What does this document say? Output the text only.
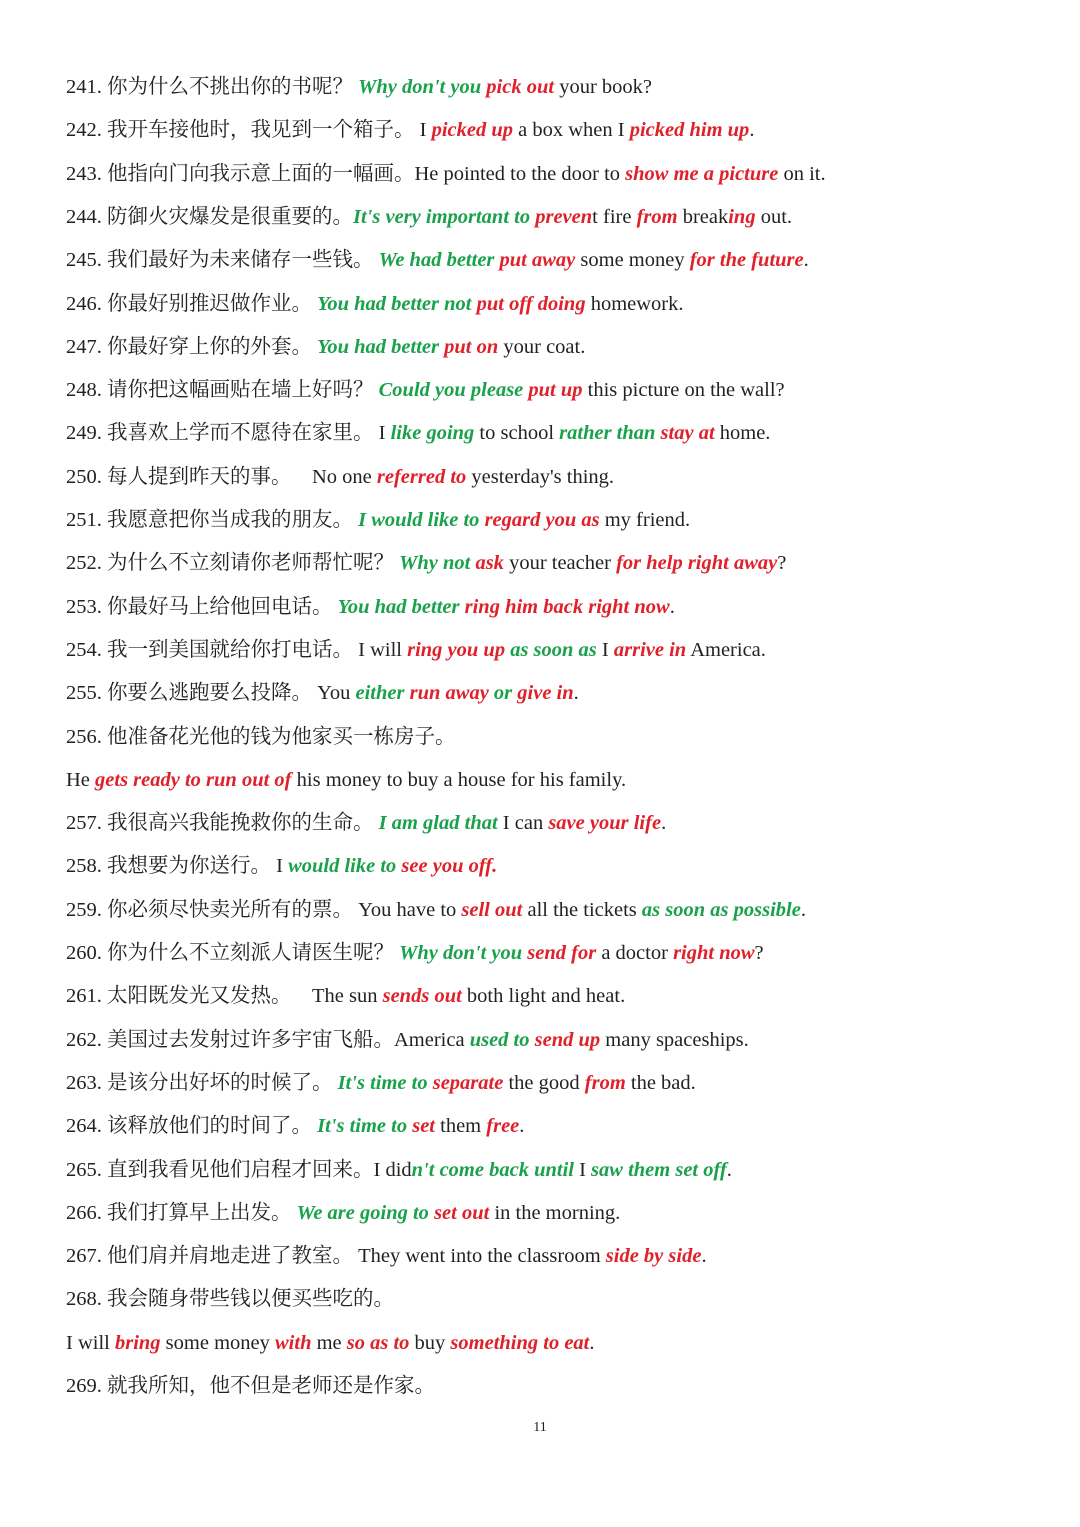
241. 你为什么不挑出你的书呢？ Why don't you pick out your book?
242. 我开车接他时，我见到一个箱子。 I picked up a box when I picked him up.
243. 他指向门向我示意上面的一幅画。He pointed to the door to show me a picture on it.
244. 防御火灾爆发是很重要的。It's very important to prevent fire from breaking out.
245. 我们最好为未来储存一些钱。 We had better put away some money for the future.
246. 你最好别推迟做作业。 You had better not put off doing homework.
247. 你最好穿上你的外套。 You had better put on your coat.
248. 请你把这幅画贴在墙上好吗？ Could you please put up this picture on the wall?
249. 我喜欢上学而不愿待在家里。 I like going to school rather than stay at home.
250. 每人提到昨天的事。    No one referred to yesterday's thing.
251. 我愿意把你当成我的朋友。 I would like to regard you as my friend.
252. 为什么不立刻请你老师帮忙呢？ Why not ask your teacher for help right away?
253. 你最好马上给他回电话。 You had better ring him back right now.
254. 我一到美国就给你打电话。 I will ring you up as soon as I arrive in America.
255. 你要么逃跑要么投降。 You either run away or give in.
256. 他准备花光他的钱为他家买一栋房子。
He gets ready to run out of his money to buy a house for his family.
257. 我很高兴我能挽救你的生命。 I am glad that I can save your life.
258. 我想要为你送行。 I would like to see you off.
259. 你必须尽快卖光所有的票。 You have to sell out all the tickets as soon as possible.
260. 你为什么不立刻派人请医生呢？ Why don't you send for a doctor right now?
261. 太阳既发光又发热。    The sun sends out both light and heat.
262. 美国过去发射过许多宇宙飞船。America used to send up many spaceships.
263. 是该分出好坏的时候了。 It's time to separate the good from the bad.
264. 该释放他们的时间了。 It's time to set them free.
265. 直到我看见他们启程才回来。I didn't come back until I saw them set off.
266. 我们打算早上出发。 We are going to set out in the morning.
267. 他们肩并肩地走进了教室。 They went into the classroom side by side.
268. 我会随身带些钱以便买些吃的。
I will bring some money with me so as to buy something to eat.
269. 就我所知，他不但是老师还是作家。
11
